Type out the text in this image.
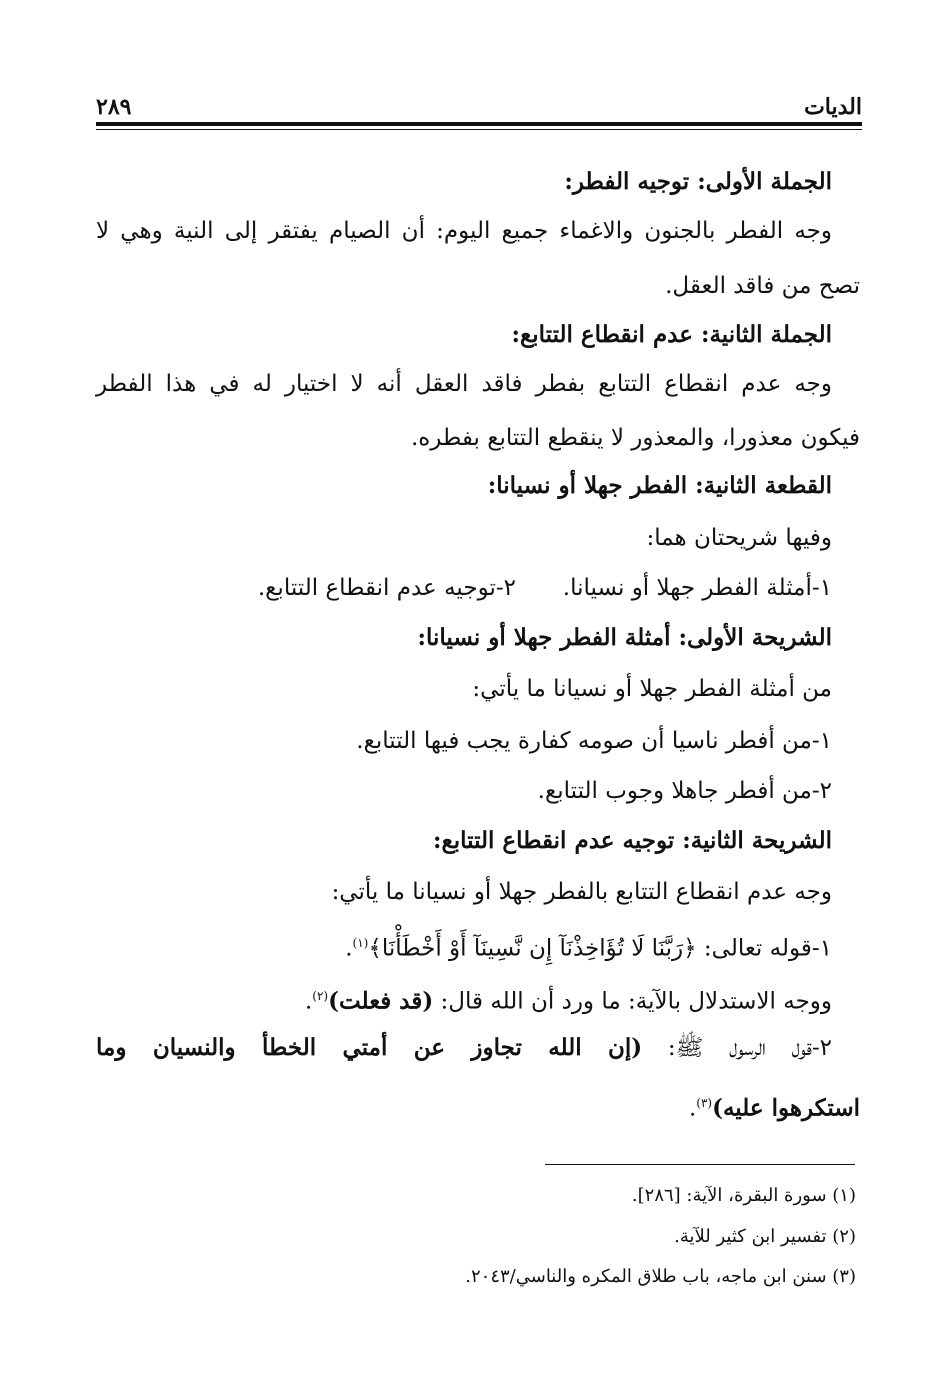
الديات
٢٨٩
الجملة الأولى: توجيه الفطر:
وجه الفطر بالجنون والاغماء جميع اليوم: أن الصيام يفتقر إلى النية وهي لا
تصح من فاقد العقل.
الجملة الثانية: عدم انقطاع التتابع:
وجه عدم انقطاع التتابع بفطر فاقد العقل أنه لا اختيار له في هذا الفطر
فيكون معذورا، والمعذور لا ينقطع التتابع بفطره.
القطعة الثانية: الفطر جهلا أو نسيانا:
وفيها شريحتان هما:
١-أمثلة الفطر جهلا أو نسيانا.
٢-توجيه عدم انقطاع التتابع.
الشريحة الأولى: أمثلة الفطر جهلا أو نسيانا:
من أمثلة الفطر جهلا أو نسيانا ما يأتي:
١-من أفطر ناسيا أن صومه كفارة يجب فيها التتابع.
٢-من أفطر جاهلا وجوب التتابع.
الشريحة الثانية: توجيه عدم انقطاع التتابع:
وجه عدم انقطاع التتابع بالفطر جهلا أو نسيانا ما يأتي:
١-قوله تعالى: ﴿رَبَّنَا لَا تُؤَاخِذْنَآ إِن نَّسِينَآ أَوْ أَخْطَأْنَا﴾$^{(١)}$.
ووجه الاستدلال بالآية: ما ورد أن الله قال: (قد فعلت)$^{(٢)}$.
٢-قول الرسول ﷺ: (إن الله تجاوز عن أمتي الخطأ والنسيان وما
استكرهوا عليه)$^{(٣)}$.
(١) سورة البقرة، الآية: [٢٨٦].
(٢) تفسير ابن كثير للآية.
(٣) سنن ابن ماجه، باب طلاق المكره والناسي/٢٠٤٣.
